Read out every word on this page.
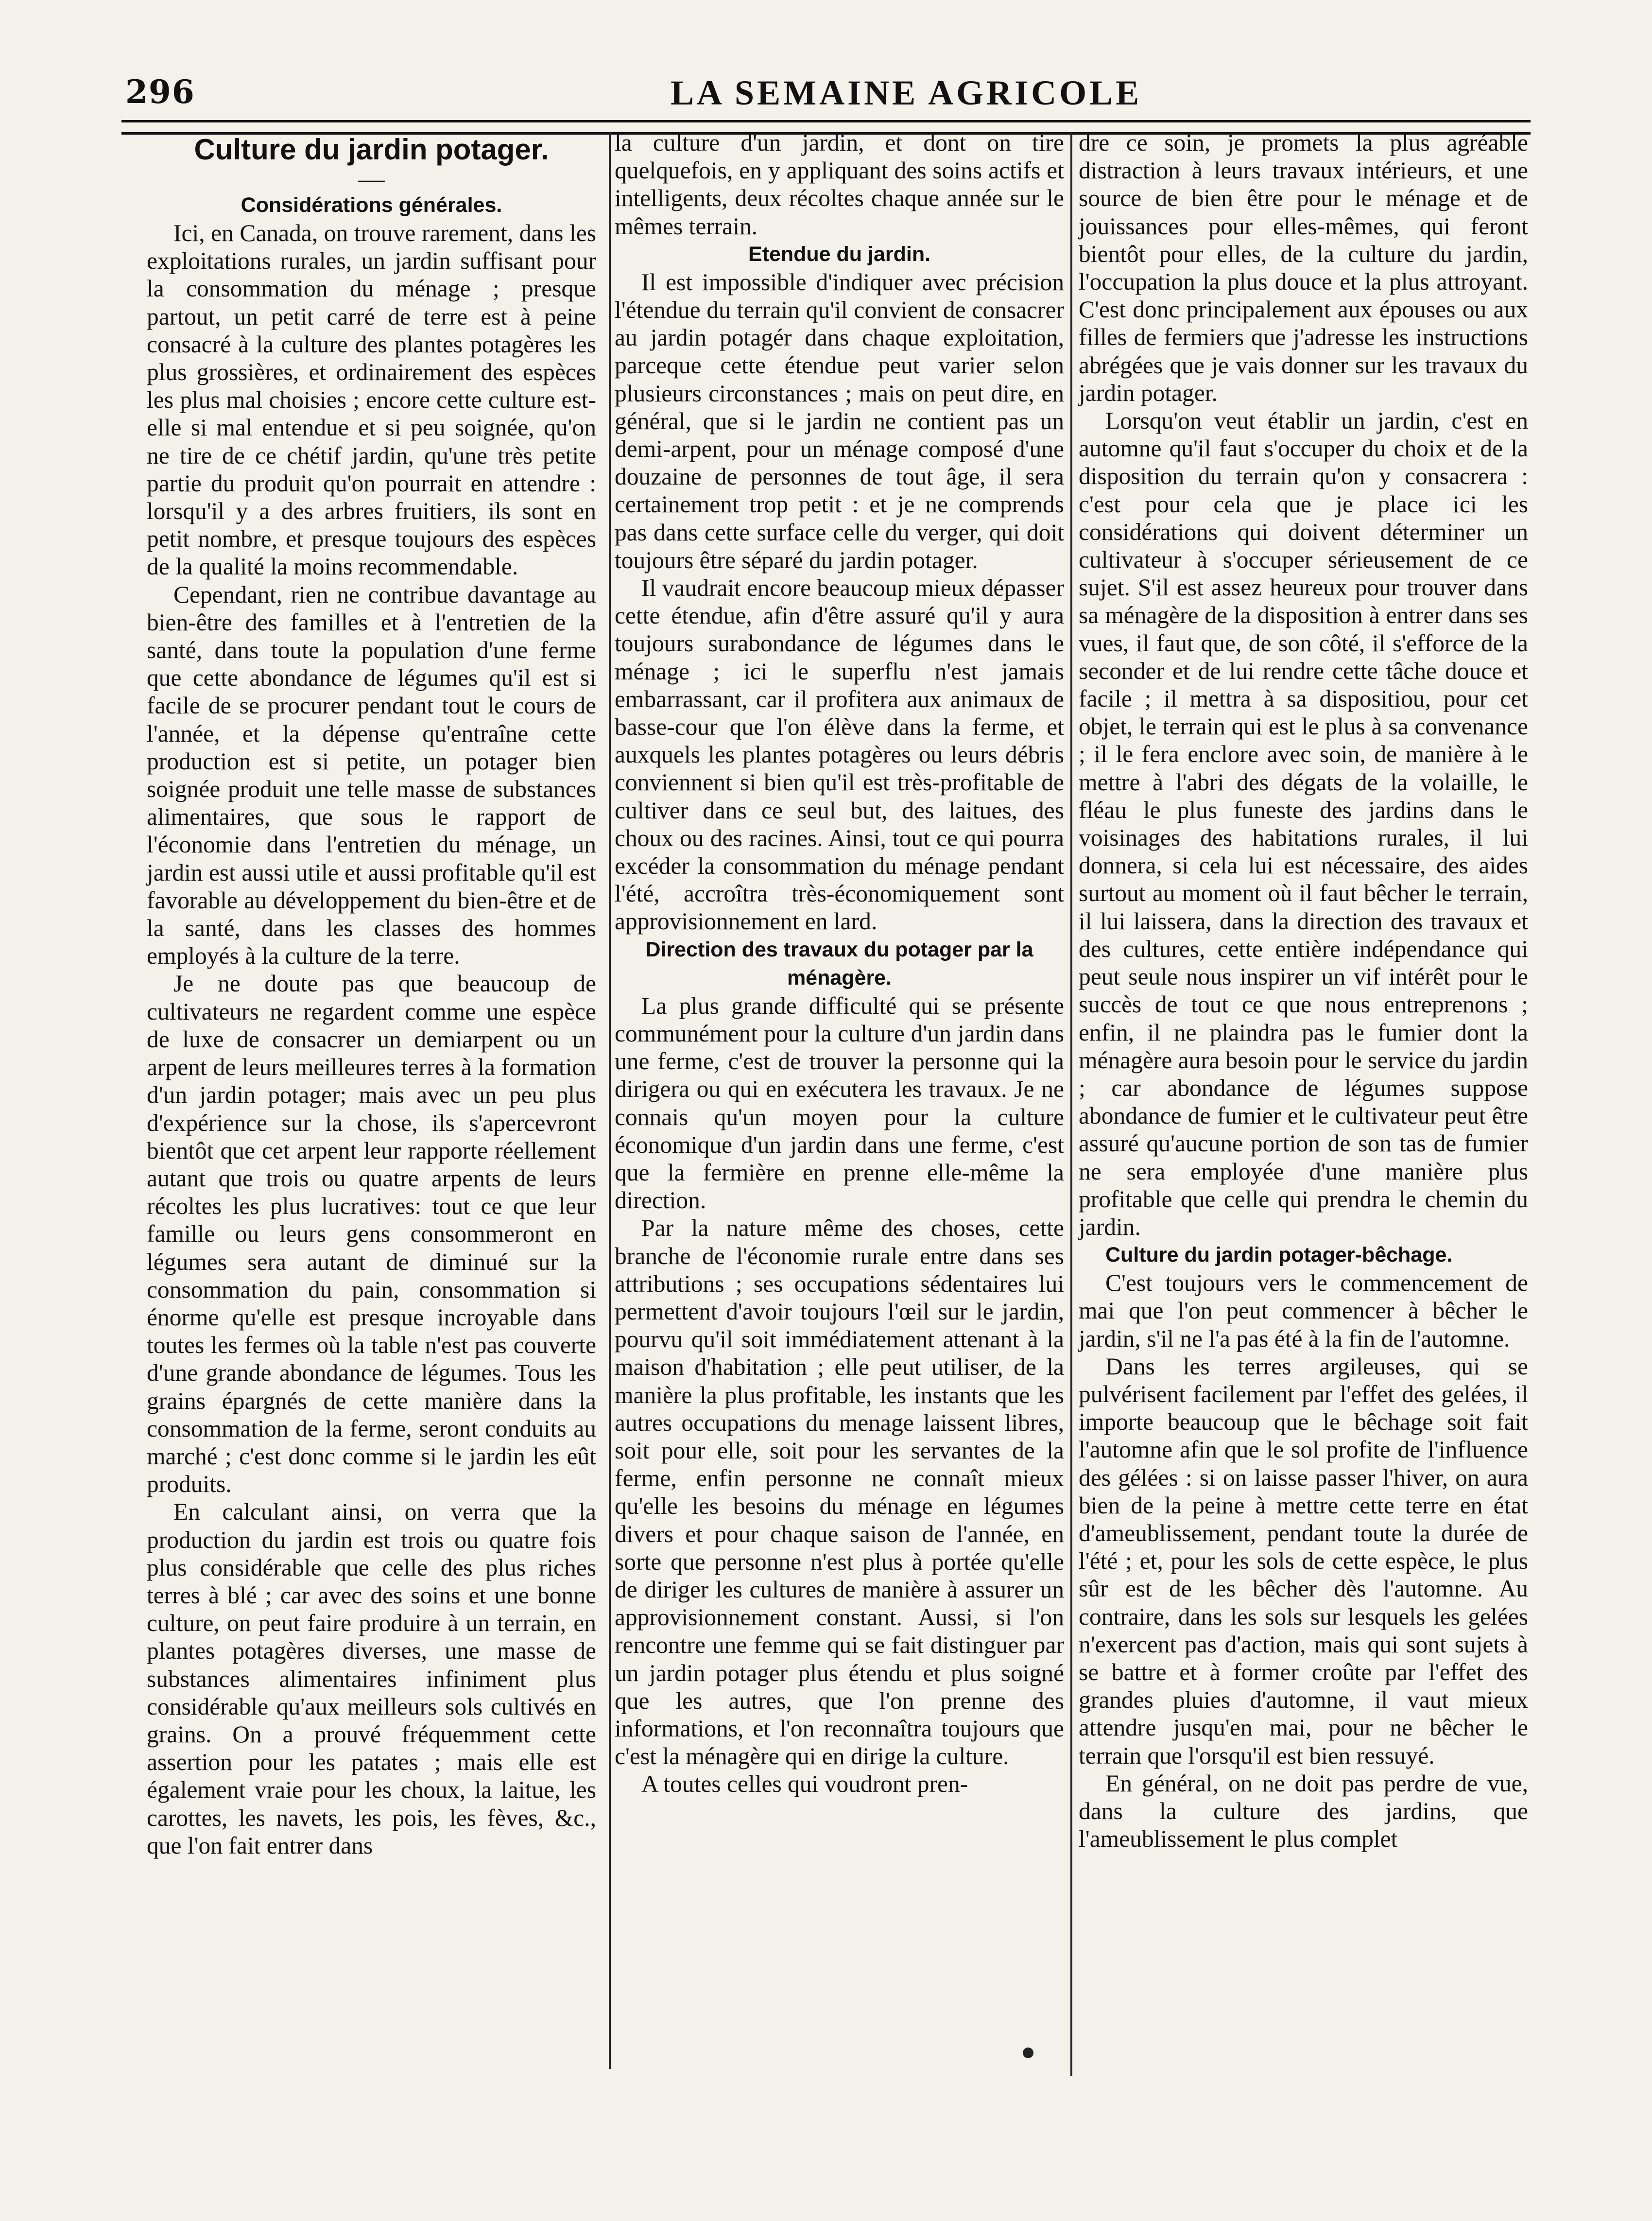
296	LA SEMAINE AGRICOLE
Culture du jardin potager.
—
Considérations générales.

Ici, en Canada, on trouve rarement, dans les exploitations rurales, un jardin suffisant pour la consommation du ménage ; presque partout, un petit carré de terre est à peine consacré à la culture des plantes potagères les plus grossières, et ordinairement des espèces les plus mal choisies ; encore cette culture est-elle si mal entendue et si peu soignée, qu'on ne tire de ce chétif jardin, qu'une très petite partie du produit qu'on pourrait en attendre : lorsqu'il y a des arbres fruitiers, ils sont en petit nombre, et presque toujours des espèces de la qualité la moins recommendable.

Cependant, rien ne contribue davantage au bien-être des familles et à l'entretien de la santé, dans toute la population d'une ferme que cette abondance de légumes qu'il est si facile de se procurer pendant tout le cours de l'année, et la dépense qu'entraîne cette production est si petite, un potager bien soignée produit une telle masse de substances alimentaires, que sous le rapport de l'économie dans l'entretien du ménage, un jardin est aussi utile et aussi profitable qu'il est favorable au développement du bien-être et de la santé, dans les classes des hommes employés à la culture de la terre.

Je ne doute pas que beaucoup de cultivateurs ne regardent comme une espèce de luxe de consacrer un demiarpent ou un arpent de leurs meilleures terres à la formation d'un jardin potager; mais avec un peu plus d'expérience sur la chose, ils s'apercevront bientôt que cet arpent leur rapporte réellement autant que trois ou quatre arpents de leurs récoltes les plus lucratives: tout ce que leur famille ou leurs gens consommeront en légumes sera autant de diminué sur la consommation du pain, consommation si énorme qu'elle est presque incroyable dans toutes les fermes où la table n'est pas couverte d'une grande abondance de légumes. Tous les grains épargnés de cette manière dans la consommation de la ferme, seront conduits au marché ; c'est donc comme si le jardin les eût produits.

En calculant ainsi, on verra que la production du jardin est trois ou quatre fois plus considérable que celle des plus riches terres à blé ; car avec des soins et une bonne culture, on peut faire produire à un terrain, en plantes potagères diverses, une masse de substances alimentaires infiniment plus considérable qu'aux meilleurs sols cultivés en grains. On a prouvé fréquemment cette assertion pour les patates ; mais elle est également vraie pour les choux, la laitue, les carottes, les navets, les pois, les fèves, &c., que l'on fait entrer dans

la culture d'un jardin, et dont on tire quelquefois, en y appliquant des soins actifs et intelligents, deux récoltes chaque année sur le mêmes terrain.

Etendue du jardin.

Il est impossible d'indiquer avec précision l'étendue du terrain qu'il convient de consacrer au jardin potagér dans chaque exploitation, parceque cette étendue peut varier selon plusieurs circonstances ; mais on peut dire, en général, que si le jardin ne contient pas un demi-arpent, pour un ménage composé d'une douzaine de personnes de tout âge, il sera certainement trop petit : et je ne comprends pas dans cette surface celle du verger, qui doit toujours être séparé du jardin potager.

Il vaudrait encore beaucoup mieux dépasser cette étendue, afin d'être assuré qu'il y aura toujours surabondance de légumes dans le ménage ; ici le superflu n'est jamais embarrassant, car il profitera aux animaux de basse-cour que l'on élève dans la ferme, et auxquels les plantes potagères ou leurs débris conviennent si bien qu'il est très-profitable de cultiver dans ce seul but, des laitues, des choux ou des racines. Ainsi, tout ce qui pourra excéder la consommation du ménage pendant l'été, accroîtra très-économiquement sont approvisionnement en lard.

Direction des travaux du potager par la ménagère.

La plus grande difficulté qui se présente communément pour la culture d'un jardin dans une ferme, c'est de trouver la personne qui la dirigera ou qui en exécutera les travaux. Je ne connais qu'un moyen pour la culture économique d'un jardin dans une ferme, c'est que la fermière en prenne elle-même la direction.

Par la nature même des choses, cette branche de l'économie rurale entre dans ses attributions ; ses occupations sédentaires lui permettent d'avoir toujours l'œil sur le jardin, pourvu qu'il soit immédiatement attenant à la maison d'habitation ; elle peut utiliser, de la manière la plus profitable, les instants que les autres occupations du menage laissent libres, soit pour elle, soit pour les servantes de la ferme, enfin personne ne connaît mieux qu'elle les besoins du ménage en légumes divers et pour chaque saison de l'année, en sorte que personne n'est plus à portée qu'elle de diriger les cultures de manière à assurer un approvisionnement constant. Aussi, si l'on rencontre une femme qui se fait distinguer par un jardin potager plus étendu et plus soigné que les autres, que l'on prenne des informations, et l'on reconnaîtra toujours que c'est la ménagère qui en dirige la culture.

A toutes celles qui voudront pren-

dre ce soin, je promets la plus agréable distraction à leurs travaux intérieurs, et une source de bien être pour le ménage et de jouissances pour elles-mêmes, qui feront bientôt pour elles, de la culture du jardin, l'occupation la plus douce et la plus attroyant. C'est donc principalement aux épouses ou aux filles de fermiers que j'adresse les instructions abrégées que je vais donner sur les travaux du jardin potager.

Lorsqu'on veut établir un jardin, c'est en automne qu'il faut s'occuper du choix et de la disposition du terrain qu'on y consacrera : c'est pour cela que je place ici les considérations qui doivent déterminer un cultivateur à s'occuper sérieusement de ce sujet. S'il est assez heureux pour trouver dans sa ménagère de la disposition à entrer dans ses vues, il faut que, de son côté, il s'efforce de la seconder et de lui rendre cette tâche douce et facile ; il mettra à sa dispositiou, pour cet objet, le terrain qui est le plus à sa convenance ; il le fera enclore avec soin, de manière à le mettre à l'abri des dégats de la volaille, le fléau le plus funeste des jardins dans le voisinages des habitations rurales, il lui donnera, si cela lui est nécessaire, des aides surtout au moment où il faut bêcher le terrain, il lui laissera, dans la direction des travaux et des cultures, cette entière indépendance qui peut seule nous inspirer un vif intérêt pour le succès de tout ce que nous entreprenons ; enfin, il ne plaindra pas le fumier dont la ménagère aura besoin pour le service du jardin ; car abondance de légumes suppose abondance de fumier et le cultivateur peut être assuré qu'aucune portion de son tas de fumier ne sera employée d'une manière plus profitable que celle qui prendra le chemin du jardin.

Culture du jardin potager-bêchage.

C'est toujours vers le commencement de mai que l'on peut commencer à bêcher le jardin, s'il ne l'a pas été à la fin de l'automne.

Dans les terres argileuses, qui se pulvérisent facilement par l'effet des gelées, il importe beaucoup que le bêchage soit fait l'automne afin que le sol profite de l'influence des gélées : si on laisse passer l'hiver, on aura bien de la peine à mettre cette terre en état d'ameublissement, pendant toute la durée de l'été ; et, pour les sols de cette espèce, le plus sûr est de les bêcher dès l'automne. Au contraire, dans les sols sur lesquels les gelées n'exercent pas d'action, mais qui sont sujets à se battre et à former croûte par l'effet des grandes pluies d'automne, il vaut mieux attendre jusqu'en mai, pour ne bêcher le terrain que l'orsqu'il est bien ressuyé.

En général, on ne doit pas perdre de vue, dans la culture des jardins, que l'ameublissement le plus complet
